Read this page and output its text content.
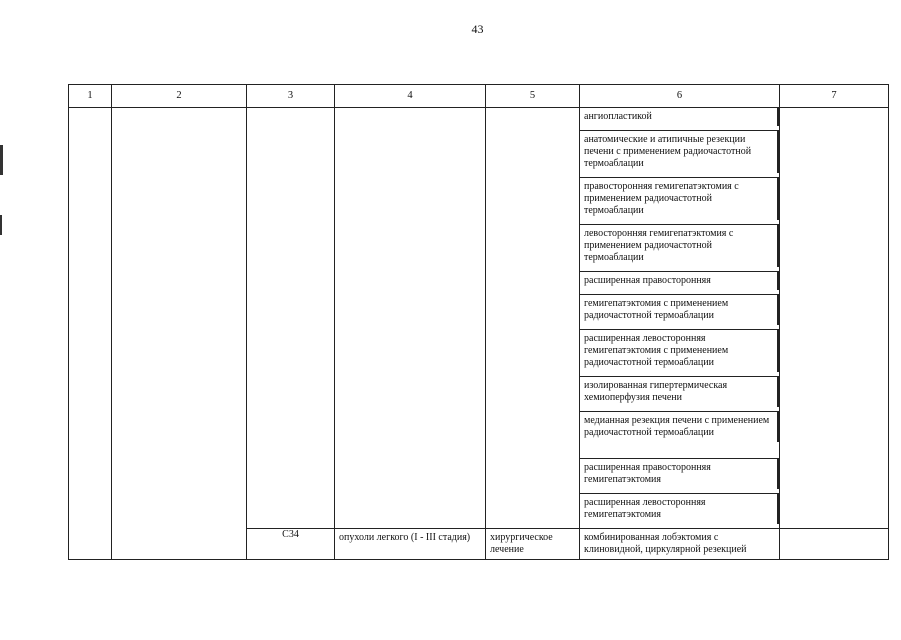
43
1	2	3	4	5	6	7

					ангиопластикой	

					анатомические и атипичные резекции печени с применением радиочастотной термоаблации	

					правосторонняя гемигепатэктомия с применением радиочастотной термоаблации	

					левосторонняя гемигепатэктомия с применением радиочастотной термоаблации	

					расширенная правосторонняя	

					гемигепатэктомия с применением радиочастотной термоаблации	

					расширенная левосторонняя гемигепатэктомия с применением радиочастотной термоаблации	

					изолированная гипертермическая хемиоперфузия печени	

					медианная резекция печени с применением радиочастотной термоаблации	

					расширенная правосторонняя гемигепатэктомия	

					расширенная левосторонняя гемигепатэктомия	

		C34	опухоли легкого (I - III стадия)	хирургическое лечение	комбинированная лобэктомия с клиновидной, циркулярной резекцией	
